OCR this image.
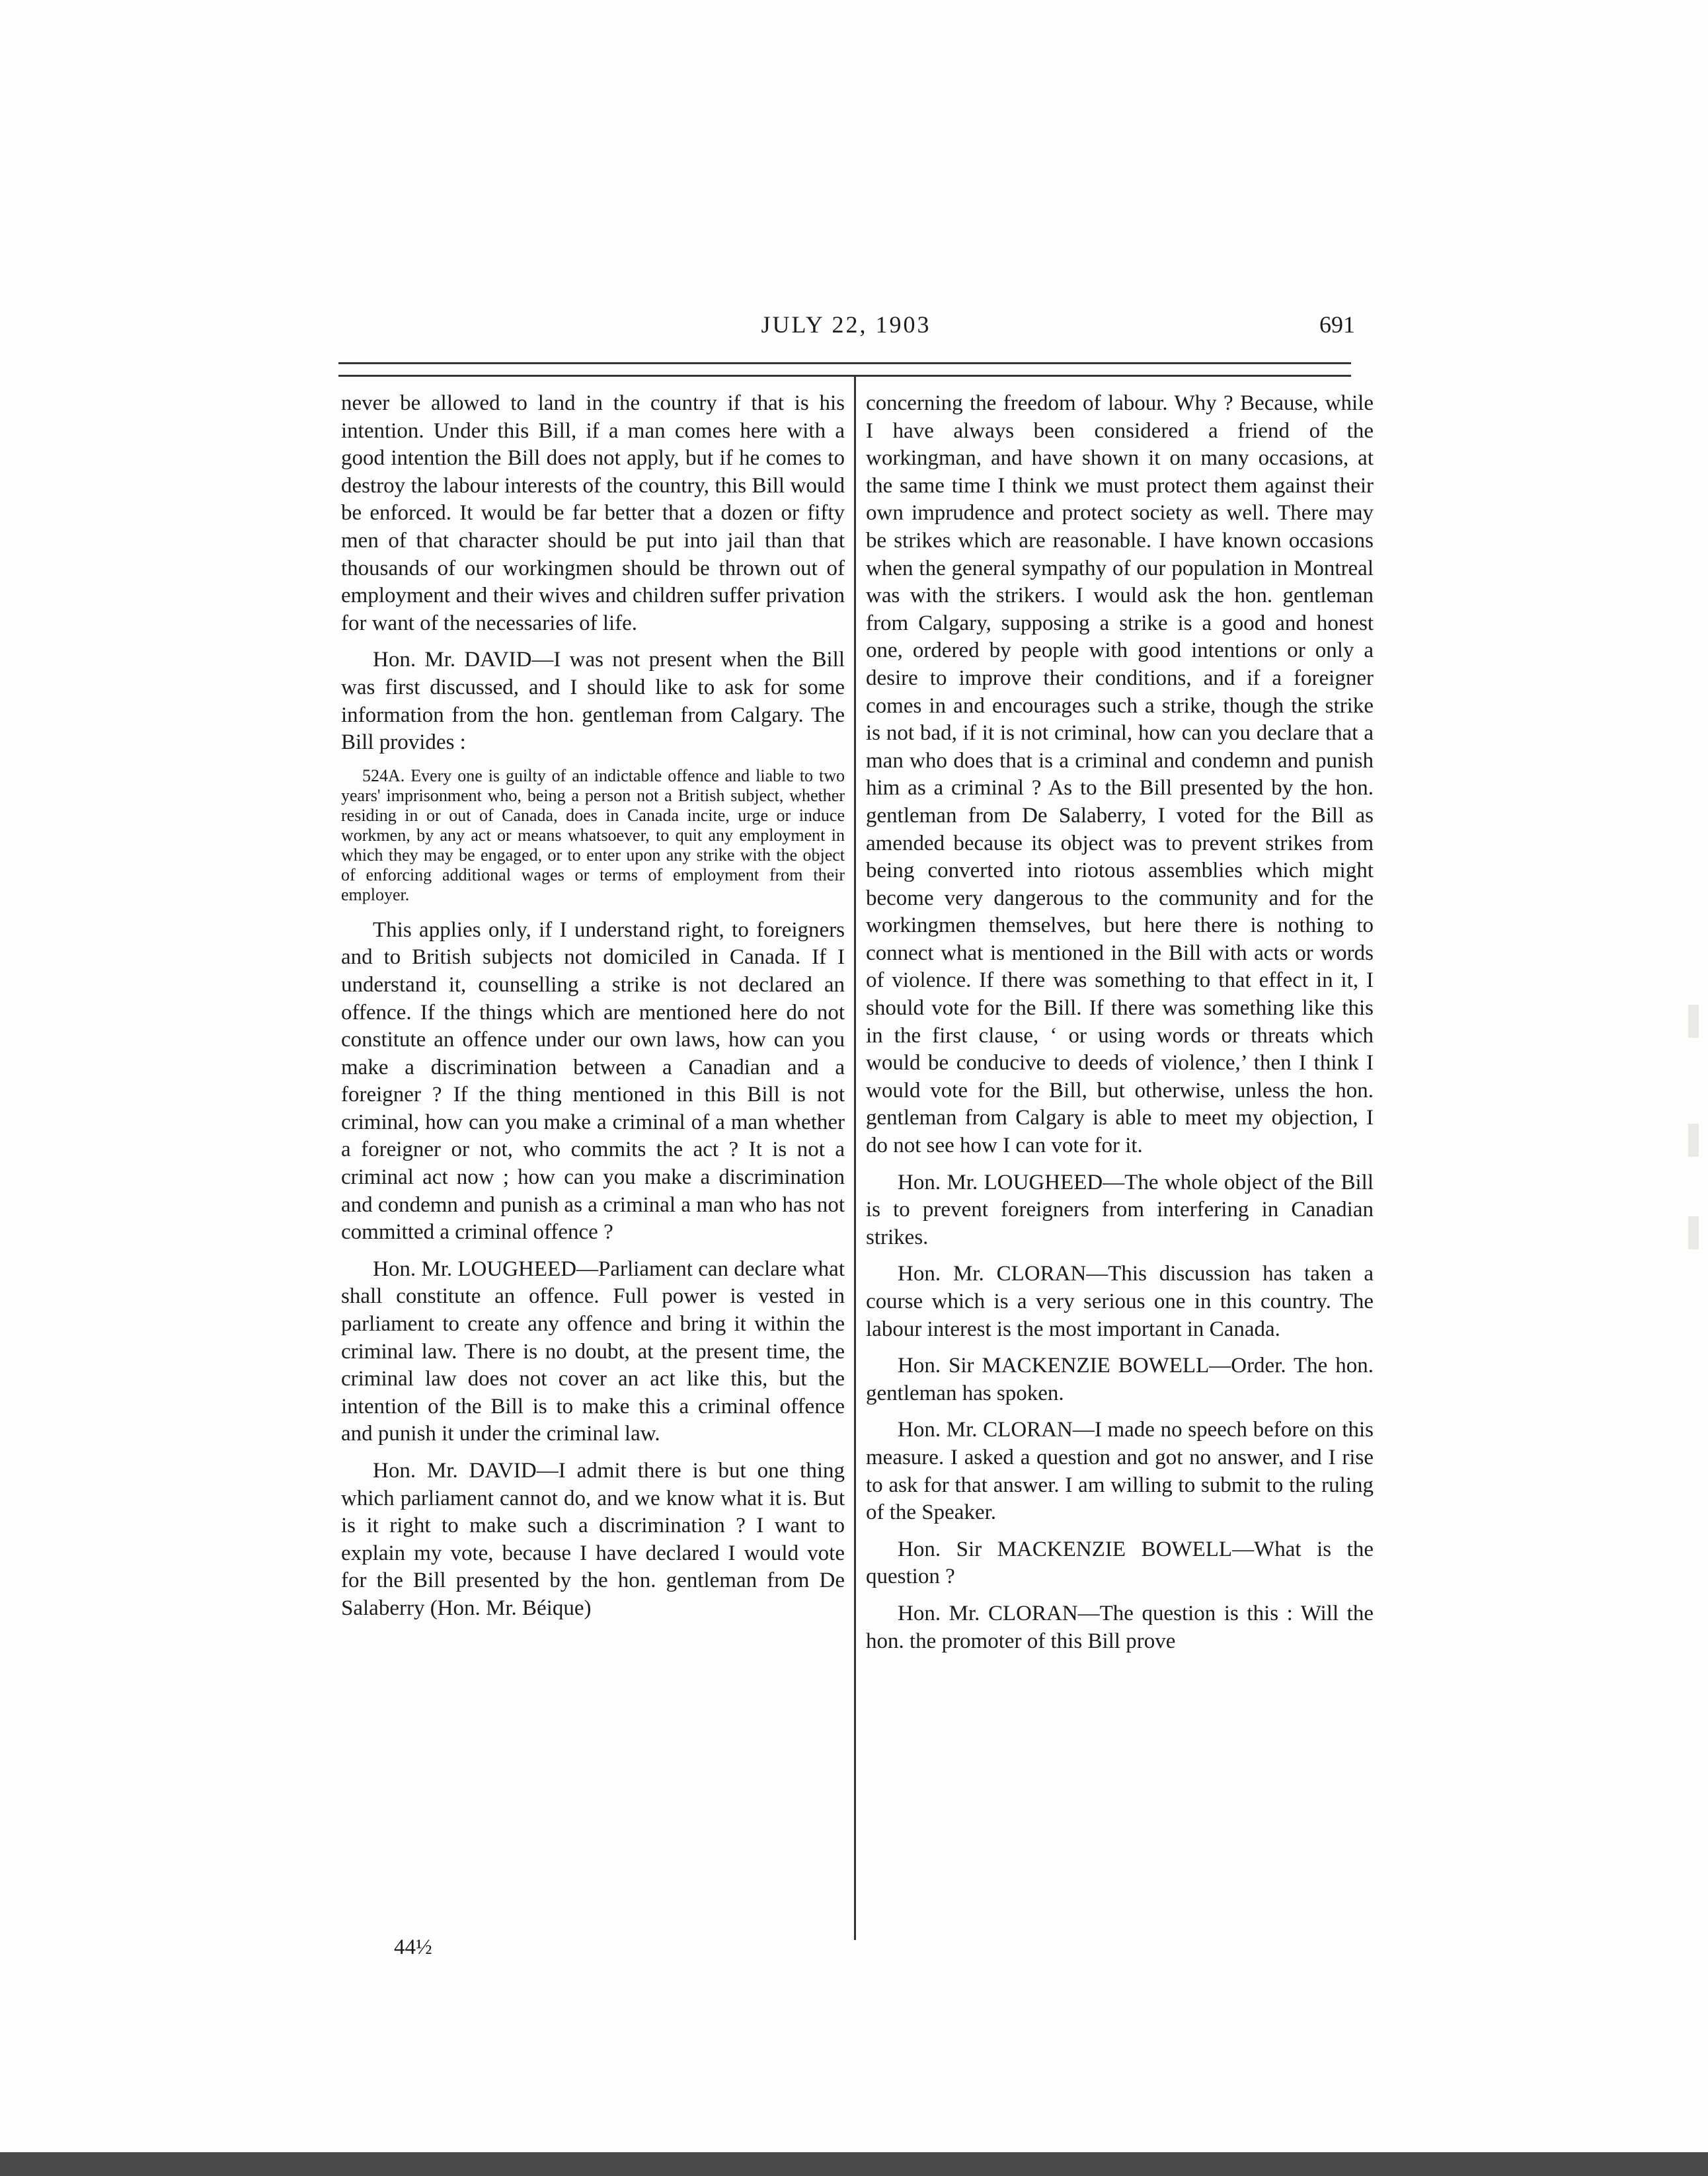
JULY 22, 1903	691

never be allowed to land in the country if that is his intention. Under this Bill, if a man comes here with a good intention the Bill does not apply, but if he comes to destroy the labour interests of the country, this Bill would be enforced. It would be far better that a dozen or fifty men of that character should be put into jail than that thousands of our workingmen should be thrown out of employment and their wives and children suffer privation for want of the necessaries of life.

Hon. Mr. DAVID—I was not present when the Bill was first discussed, and I should like to ask for some information from the hon. gentleman from Calgary. The Bill provides :

524A. Every one is guilty of an indictable offence and liable to two years' imprisonment who, being a person not a British subject, whether residing in or out of Canada, does in Canada incite, urge or induce workmen, by any act or means whatsoever, to quit any employment in which they may be engaged, or to enter upon any strike with the object of enforcing additional wages or terms of employment from their employer.

This applies only, if I understand right, to foreigners and to British subjects not domiciled in Canada. If I understand it, counselling a strike is not declared an offence. If the things which are mentioned here do not constitute an offence under our own laws, how can you make a discrimination between a Canadian and a foreigner ? If the thing mentioned in this Bill is not criminal, how can you make a criminal of a man whether a foreigner or not, who commits the act ? It is not a criminal act now ; how can you make a discrimination and condemn and punish as a criminal a man who has not committed a criminal offence ?

Hon. Mr. LOUGHEED—Parliament can declare what shall constitute an offence. Full power is vested in parliament to create any offence and bring it within the criminal law. There is no doubt, at the present time, the criminal law does not cover an act like this, but the intention of the Bill is to make this a criminal offence and punish it under the criminal law.

Hon. Mr. DAVID—I admit there is but one thing which parliament cannot do, and we know what it is. But is it right to make such a discrimination ? I want to explain my vote, because I have declared I would vote for the Bill presented by the hon. gentleman from De Salaberry (Hon. Mr. Béique)

concerning the freedom of labour. Why ? Because, while I have always been considered a friend of the workingman, and have shown it on many occasions, at the same time I think we must protect them against their own imprudence and protect society as well. There may be strikes which are reasonable. I have known occasions when the general sympathy of our population in Montreal was with the strikers. I would ask the hon. gentleman from Calgary, supposing a strike is a good and honest one, ordered by people with good intentions or only a desire to improve their conditions, and if a foreigner comes in and encourages such a strike, though the strike is not bad, if it is not criminal, how can you declare that a man who does that is a criminal and condemn and punish him as a criminal ? As to the Bill presented by the hon. gentleman from De Salaberry, I voted for the Bill as amended because its object was to prevent strikes from being converted into riotous assemblies which might become very dangerous to the community and for the workingmen themselves, but here there is nothing to connect what is mentioned in the Bill with acts or words of violence. If there was something to that effect in it, I should vote for the Bill. If there was something like this in the first clause, ‘ or using words or threats which would be conducive to deeds of violence,’ then I think I would vote for the Bill, but otherwise, unless the hon. gentleman from Calgary is able to meet my objection, I do not see how I can vote for it.

Hon. Mr. LOUGHEED—The whole object of the Bill is to prevent foreigners from interfering in Canadian strikes.

Hon. Mr. CLORAN—This discussion has taken a course which is a very serious one in this country. The labour interest is the most important in Canada.

Hon. Sir MACKENZIE BOWELL—Order. The hon. gentleman has spoken.

Hon. Mr. CLORAN—I made no speech before on this measure. I asked a question and got no answer, and I rise to ask for that answer. I am willing to submit to the ruling of the Speaker.

Hon. Sir MACKENZIE BOWELL—What is the question ?

Hon. Mr. CLORAN—The question is this : Will the hon. the promoter of this Bill prove

44½
